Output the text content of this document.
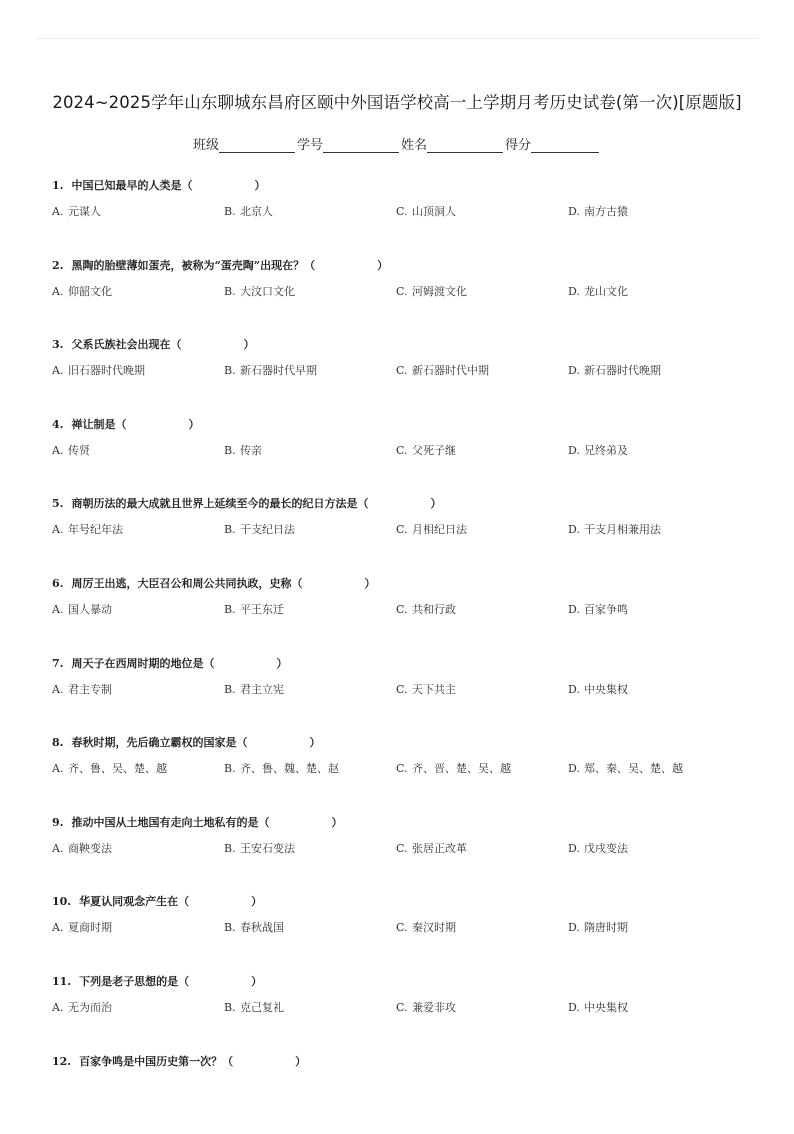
2024~2025学年山东聊城东昌府区颐中外国语学校高一上学期月考历史试卷(第一次)[原题版]
班级	学号	姓名	得分
1. 中国已知最早的人类是（	）
A. 元谋人	B. 北京人	C. 山顶洞人	D. 南方古猿
2. 黑陶的胎壁薄如蛋壳，被称为“蛋壳陶”出现在？（	）
A. 仰韶文化	B. 大汶口文化	C. 河姆渡文化	D. 龙山文化
3. 父系氏族社会出现在（	）
A. 旧石器时代晚期	B. 新石器时代早期	C. 新石器时代中期	D. 新石器时代晚期
4. 禅让制是（	）
A. 传贤	B. 传亲	C. 父死子继	D. 兄终弟及
5. 商朝历法的最大成就且世界上延续至今的最长的纪日方法是（	）
A. 年号纪年法	B. 干支纪日法	C. 月相纪日法	D. 干支月相兼用法
6. 周厉王出逃，大臣召公和周公共同执政，史称（	）
A. 国人暴动	B. 平王东迁	C. 共和行政	D. 百家争鸣
7. 周天子在西周时期的地位是（	）
A. 君主专制	B. 君主立宪	C. 天下共主	D. 中央集权
8. 春秋时期，先后确立霸权的国家是（	）
A. 齐、鲁、吴、楚、越	B. 齐、鲁、魏、楚、赵	C. 齐、晋、楚、吴、越	D. 郑、秦、吴、楚、越
9. 推动中国从土地国有走向土地私有的是（	）
A. 商鞅变法	B. 王安石变法	C. 张居正改革	D. 戊戌变法
10. 华夏认同观念产生在（	）
A. 夏商时期	B. 春秋战国	C. 秦汉时期	D. 隋唐时期
11. 下列是老子思想的是（	）
A. 无为而治	B. 克己复礼	C. 兼爱非攻	D. 中央集权
12. 百家争鸣是中国历史第一次？（	）
